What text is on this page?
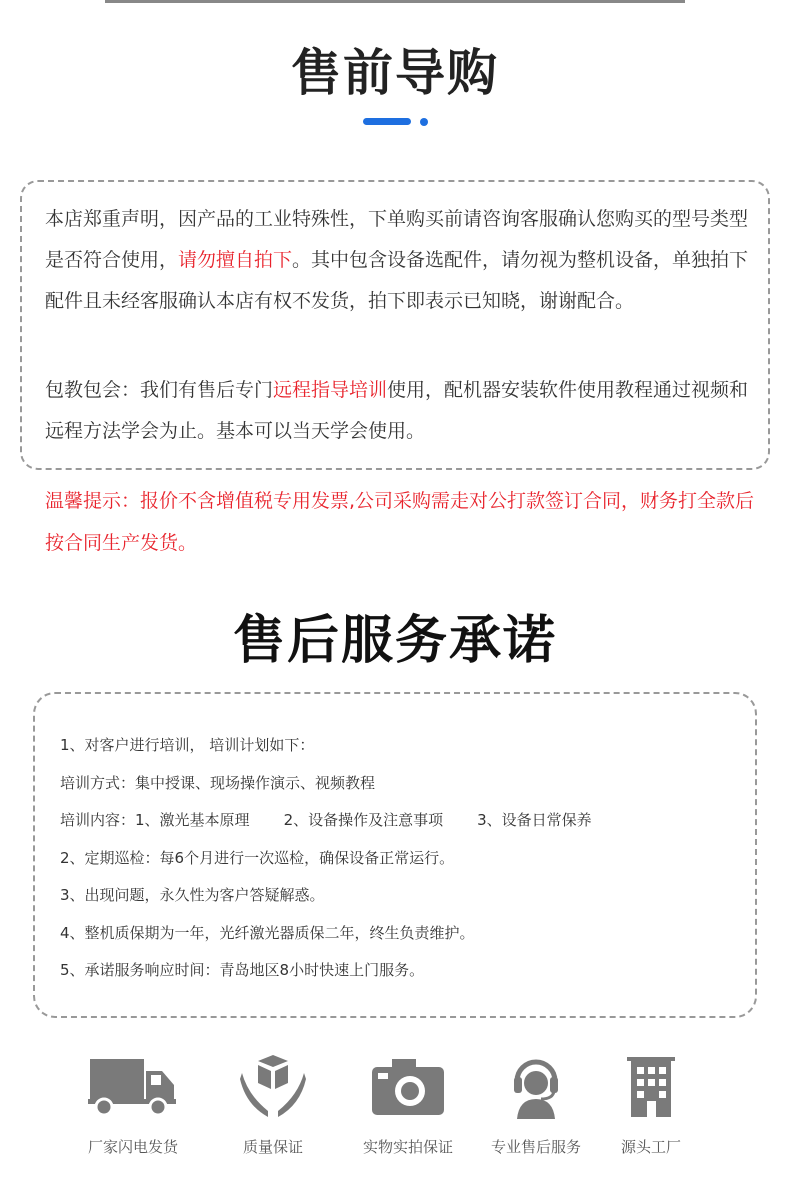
售前导购

本店郑重声明，因产品的工业特殊性，下单购买前请咨询客服确认您购买的型号类型是否符合使用，请勿擅自拍下。其中包含设备选配件，请勿视为整机设备，单独拍下配件且未经客服确认本店有权不发货，拍下即表示已知晓，谢谢配合。

包教包会：我们有售后专门远程指导培训使用，配机器安装软件使用教程通过视频和远程方法学会为止。基本可以当天学会使用。

温馨提示：报价不含增值税专用发票,公司采购需走对公打款签订合同，财务打全款后按合同生产发货。

售后服务承诺
1、对客户进行培训， 培训计划如下：
培训方式：集中授课、现场操作演示、视频教程
培训内容：1、激光基本原理 2、设备操作及注意事项 3、设备日常保养
2、定期巡检：每6个月进行一次巡检，确保设备正常运行。
3、出现问题，永久性为客户答疑解惑。
4、整机质保期为一年，光纤激光器质保二年，终生负责维护。
5、承诺服务响应时间：青岛地区8小时快速上门服务。
厂家闪电发货	质量保证	实物实拍保证	专业售后服务	源头工厂
